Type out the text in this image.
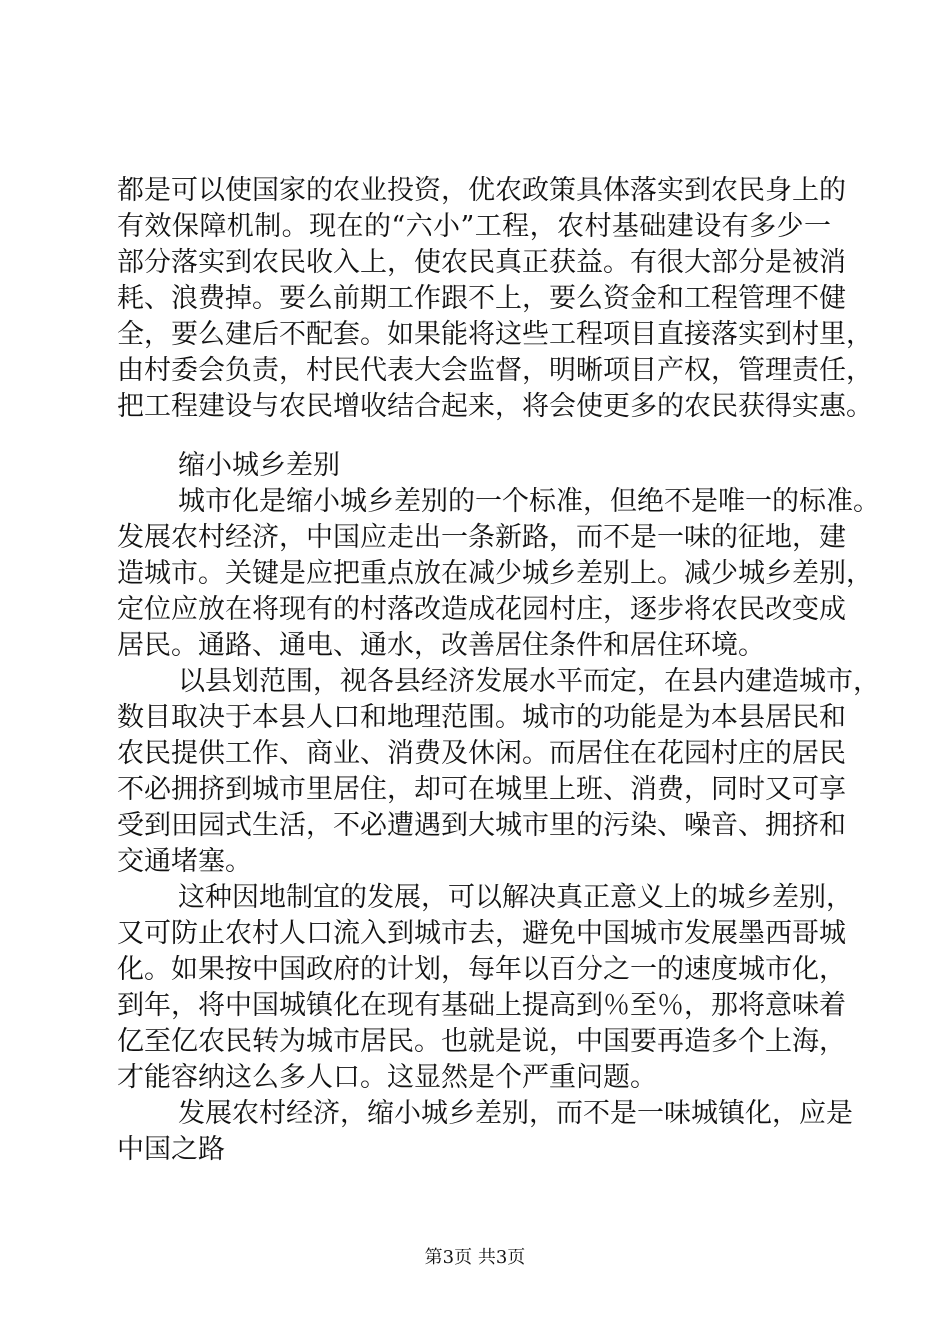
都是可以使国家的农业投资，优农政策具体落实到农民身上的
有效保障机制。现在的“六小”工程，农村基础建设有多少一
部分落实到农民收入上，使农民真正获益。有很大部分是被消
耗、浪费掉。要么前期工作跟不上，要么资金和工程管理不健
全，要么建后不配套。如果能将这些工程项目直接落实到村里，
由村委会负责，村民代表大会监督，明晰项目产权，管理责任，
把工程建设与农民增收结合起来，将会使更多的农民获得实惠。
缩小城乡差别
城市化是缩小城乡差别的一个标准，但绝不是唯一的标准。
发展农村经济，中国应走出一条新路，而不是一味的征地，建
造城市。关键是应把重点放在减少城乡差别上。减少城乡差别，
定位应放在将现有的村落改造成花园村庄，逐步将农民改变成
居民。通路、通电、通水，改善居住条件和居住环境。
以县划范围，视各县经济发展水平而定，在县内建造城市，
数目取决于本县人口和地理范围。城市的功能是为本县居民和
农民提供工作、商业、消费及休闲。而居住在花园村庄的居民
不必拥挤到城市里居住，却可在城里上班、消费，同时又可享
受到田园式生活，不必遭遇到大城市里的污染、噪音、拥挤和
交通堵塞。
这种因地制宜的发展，可以解决真正意义上的城乡差别，
又可防止农村人口流入到城市去，避免中国城市发展墨西哥城
化。如果按中国政府的计划，每年以百分之一的速度城市化，
到年，将中国城镇化在现有基础上提高到％至％，那将意味着
亿至亿农民转为城市居民。也就是说，中国要再造多个上海，
才能容纳这么多人口。这显然是个严重问题。
发展农村经济，缩小城乡差别，而不是一味城镇化，应是
中国之路
第3页 共3页
